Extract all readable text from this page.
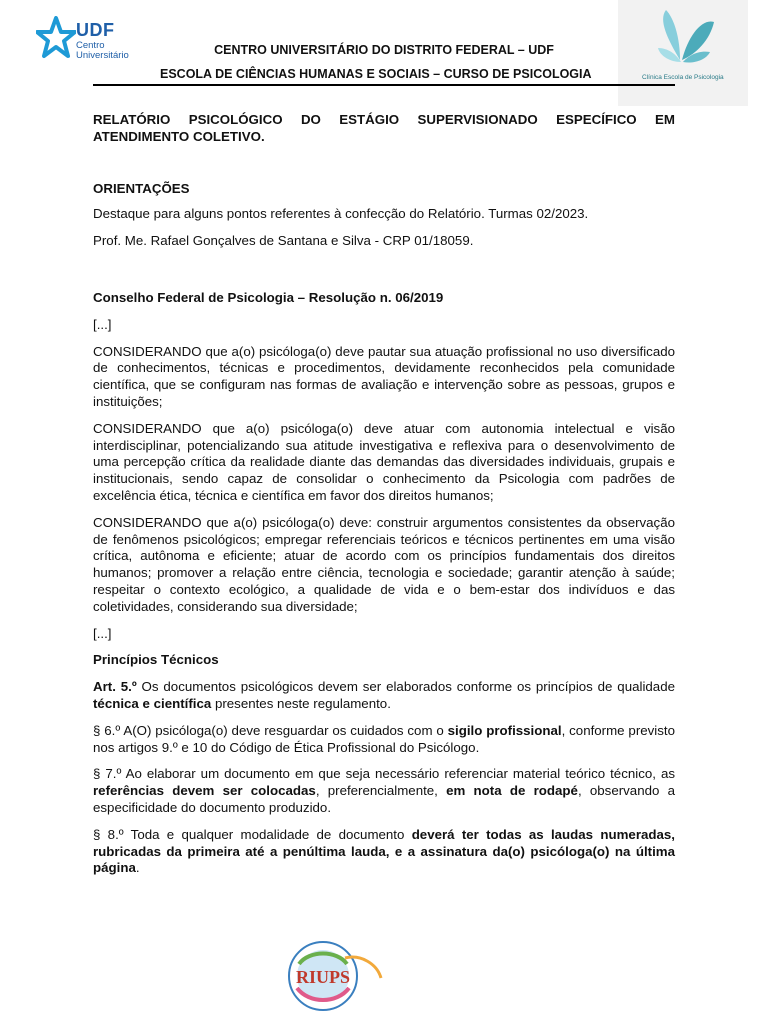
UDF
Centro Universitário
Clínica Escola de Psicologia
CENTRO UNIVERSITÁRIO DO DISTRITO FEDERAL – UDF
ESCOLA DE CIÊNCIAS HUMANAS E SOCIAIS – CURSO DE PSICOLOGIA

RELATÓRIO PSICOLÓGICO DO ESTÁGIO SUPERVISIONADO ESPECÍFICO EM ATENDIMENTO COLETIVO.

ORIENTAÇÕES

Destaque para alguns pontos referentes à confecção do Relatório. Turmas 02/2023.

Prof. Me. Rafael Gonçalves de Santana e Silva - CRP 01/18059.

Conselho Federal de Psicologia – Resolução n. 06/2019

[...]

CONSIDERANDO que a(o) psicóloga(o) deve pautar sua atuação profissional no uso diversificado de conhecimentos, técnicas e procedimentos, devidamente reconhecidos pela comunidade científica, que se configuram nas formas de avaliação e intervenção sobre as pessoas, grupos e instituições;

CONSIDERANDO que a(o) psicóloga(o) deve atuar com autonomia intelectual e visão interdisciplinar, potencializando sua atitude investigativa e reflexiva para o desenvolvimento de uma percepção crítica da realidade diante das demandas das diversidades individuais, grupais e institucionais, sendo capaz de consolidar o conhecimento da Psicologia com padrões de excelência ética, técnica e científica em favor dos direitos humanos;

CONSIDERANDO que a(o) psicóloga(o) deve: construir argumentos consistentes da observação de fenômenos psicológicos; empregar referenciais teóricos e técnicos pertinentes em uma visão crítica, autônoma e eficiente; atuar de acordo com os princípios fundamentais dos direitos humanos; promover a relação entre ciência, tecnologia e sociedade; garantir atenção à saúde; respeitar o contexto ecológico, a qualidade de vida e o bem-estar dos indivíduos e das coletividades, considerando sua diversidade;

[...]

Princípios Técnicos

Art. 5.º Os documentos psicológicos devem ser elaborados conforme os princípios de qualidade técnica e científica presentes neste regulamento.

§ 6.º A(O) psicóloga(o) deve resguardar os cuidados com o sigilo profissional, conforme previsto nos artigos 9.º e 10 do Código de Ética Profissional do Psicólogo.

§ 7.º Ao elaborar um documento em que seja necessário referenciar material teórico técnico, as referências devem ser colocadas, preferencialmente, em nota de rodapé, observando a especificidade do documento produzido.

§ 8.º Toda e qualquer modalidade de documento deverá ter todas as laudas numeradas, rubricadas da primeira até a penúltima lauda, e a assinatura da(o) psicóloga(o) na última página.

RIUPS
